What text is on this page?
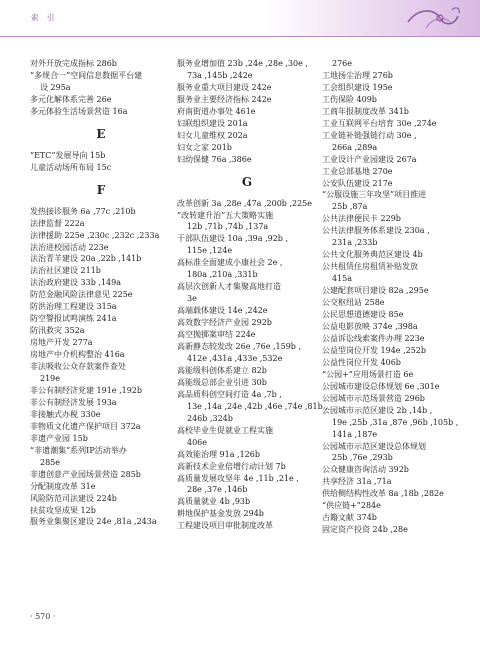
索 引
对外开放完成指标 286b
“多规合一”空间信息数据平台建
设 295a
多元化解体系完善 26e
多元体验生活场景营造 16a
E
“ETC”发展导向 15b
儿童活动场所布局 15c
F
发热接诊服务 6a ,77c ,210b
法律监督 222a
法律援助 225e ,230c ,232c ,233a
法治进校园活动 223e
法治青羊建设 20a ,22b ,141b
法治社区建设 211b
法治政府建设 33b ,149a
防范金融风险法律意见 225e
防洪治理工程建设 315a
防空警报试鸣演练 241a
防汛救灾 352a
房地产开发 277a
房地产中介机构整治 416a
非法吸收公众存款案件查处
219e
非公有制经济党建 191e ,192b
非公有制经济发展 193a
非接触式办税 330e
非物质文化遗产保护项目 372a
非遗产业园 15b
“非遗潮集”系列IP活动举办
285e
非遗创意产业园场景营造 285b
分配制度改革 31e
风险防范司法建设 224b
扶贫攻坚成果 12b
服务业集聚区建设 24e ,81a ,243a
服务业增加值 23b ,24e ,28e ,30e ,
73a ,145b ,242e
服务业重大项目建设 242e
服务业主要经济指标 242e
府南街道办事处 461e
妇联组织建设 201a
妇女儿童维权 202a
妇女之家 201b
妇幼保健 76a ,386e
G
改革创新 3a ,28e ,47a ,200b ,225e
“改转建升治”五大策略实施
12b ,71b ,74b ,137a
干部队伍建设 10a ,39a ,92b ,
115e ,124e
高标准全面建成小康社会 2e ,
180a ,210a ,331b
高层次创新人才集聚高地打造
3e
高端载体建设 14e ,242e
高效数字经济产业园 292b
高空抛掷案审结 224e
高新静态较发改 26e ,76e ,159b ,
412e ,431a ,433e ,532e
高能级科创体系建立 82b
高能级总部企业引进 30b
高品质科创空间打造 4a ,7b ,
13e ,14a ,24e ,42b ,46e ,74e ,81b ,
246b ,324b
高校毕业生促就业工程实施
406e
高效能治理 91a ,126b
高新技术企业倍增行动计划 7b
高质量发展攻坚年 4e ,11b ,21e ,
28e ,37e ,146b
高质量就业 4b ,93b
耕地保护基金发放 294b
工程建设项目审批制度改革
276e
工地扬尘治理 276b
工会组织建设 195e
工伤保险 409b
工商年报制度改革 341b
工业互联网平台培育 30e ,274e
工业链补链强链行动 30e ,
266a ,289a
工业设计产业园建设 267a
工业总部基地 270e
公安队伍建设 217e
“公服设施三年攻坚”项目推进
25b ,87a
公共法律便民卡 229b
公共法律服务体系建设 230a ,
231a ,233b
公共文化服务典范区建设 4b
公共租赁住房租赁补贴发放
415a
公建配套项目建设 82a ,295e
公交枢纽站 258e
公民思想道德建设 85e
公益电影放映 374e ,398a
公益诉讼线索案件办理 223e
公益型岗位开发 194e ,252b
公益性岗位开发 406b
“公园+”应用场景打造 6e
公园城市建设总体规划 6e ,301e
公园城市示范场景营造 296b
公园城市示范区建设 2b ,14b ,
19e ,25b ,31a ,87e ,96b ,105b ,
141a ,187e
公园城市示范区建设总体规划
25b ,76e ,293b
公众健康咨询活动 392b
共享经济 31a ,71a
供给侧结构性改革 8a ,18b ,282e
“供应链+”284e
古籍文献 374b
固定资产投资 24b ,28e
· 570 ·
